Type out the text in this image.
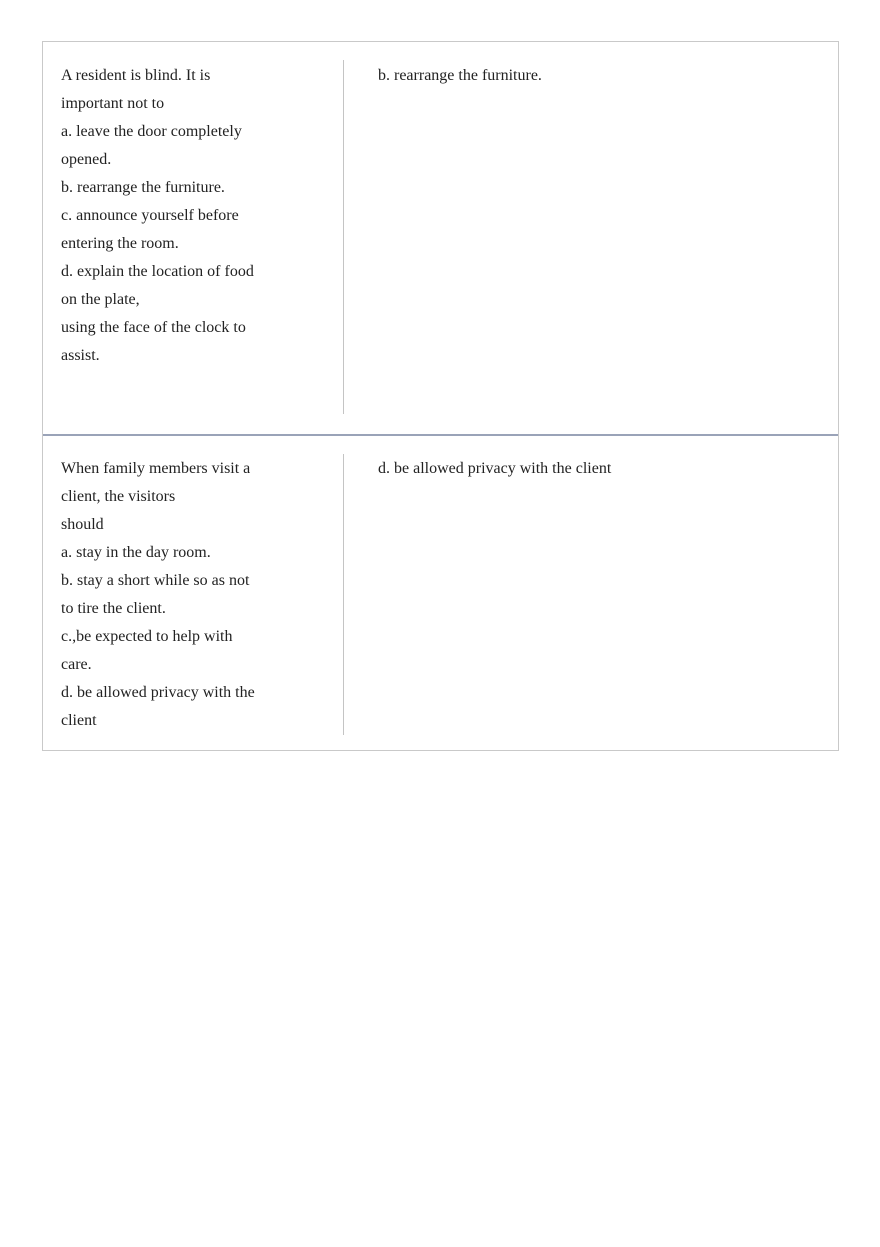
A resident is blind. It is
important not to
a. leave the door completely
opened.
b. rearrange the furniture.
c. announce yourself before
entering the room.
d. explain the location of food
on the plate,
using the face of the clock to
assist.
b. rearrange the furniture.
When family members visit a
client, the visitors
should
a. stay in the day room.
b. stay a short while so as not
to tire the client.
c.,be expected to help with
care.
d. be allowed privacy with the
client
d. be allowed privacy with the client
